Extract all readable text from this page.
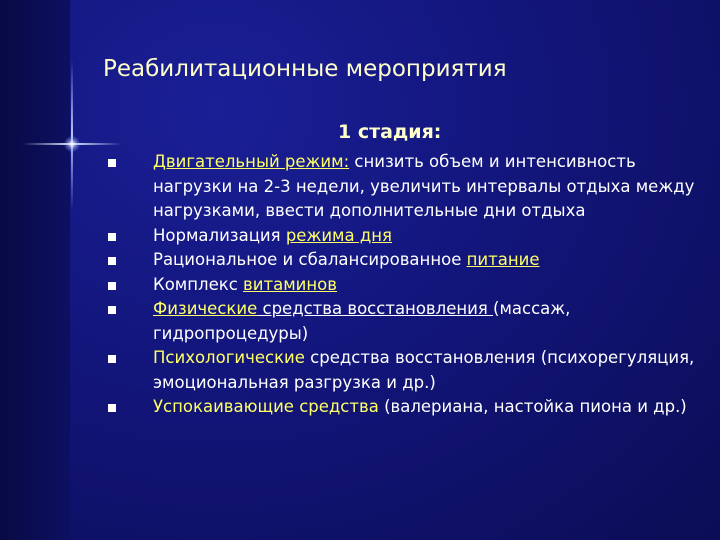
Реабилитационные мероприятия
1 стадия:
Двигательный режим: снизить объем и интенсивность нагрузки на 2-3 недели, увеличить интервалы отдыха между нагрузками, ввести дополнительные дни отдыха
Нормализация режима дня
Рациональное и сбалансированное питание
Комплекс витаминов
Физические средства восстановления (массаж, гидропроцедуры)
Психологические средства восстановления (психорегуляция, эмоциональная разгрузка и др.)
Успокаивающие средства (валериана, настойка пиона и др.)
